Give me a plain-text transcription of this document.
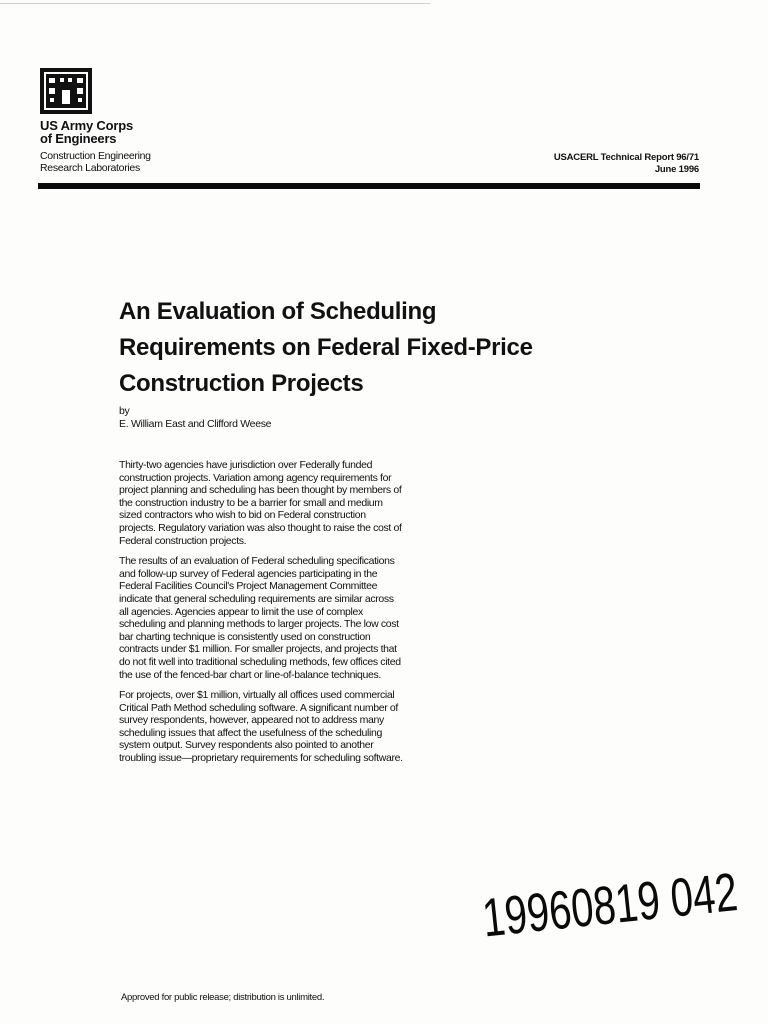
US Army Corps
of Engineers
Construction Engineering
Research Laboratories
USACERL Technical Report 96/71
June 1996
An Evaluation of Scheduling
Requirements on Federal Fixed-Price
Construction Projects
by
E. William East and Clifford Weese

Thirty-two agencies have jurisdiction over Federally funded construction projects. Variation among agency requirements for project planning and scheduling has been thought by members of the construction industry to be a barrier for small and medium sized contractors who wish to bid on Federal construction projects. Regulatory variation was also thought to raise the cost of Federal construction projects.

The results of an evaluation of Federal scheduling specifications and follow-up survey of Federal agencies participating in the Federal Facilities Council's Project Management Committee indicate that general scheduling requirements are similar across all agencies. Agencies appear to limit the use of complex scheduling and planning methods to larger projects. The low cost bar charting technique is consistently used on construction contracts under $1 million. For smaller projects, and projects that do not fit well into traditional scheduling methods, few offices cited the use of the fenced-bar chart or line-of-balance techniques.

For projects, over $1 million, virtually all offices used commercial Critical Path Method scheduling software. A significant number of survey respondents, however, appeared not to address many scheduling issues that affect the usefulness of the scheduling system output. Survey respondents also pointed to another troubling issue—proprietary requirements for scheduling software.

19960819 042
Approved for public release; distribution is unlimited.
